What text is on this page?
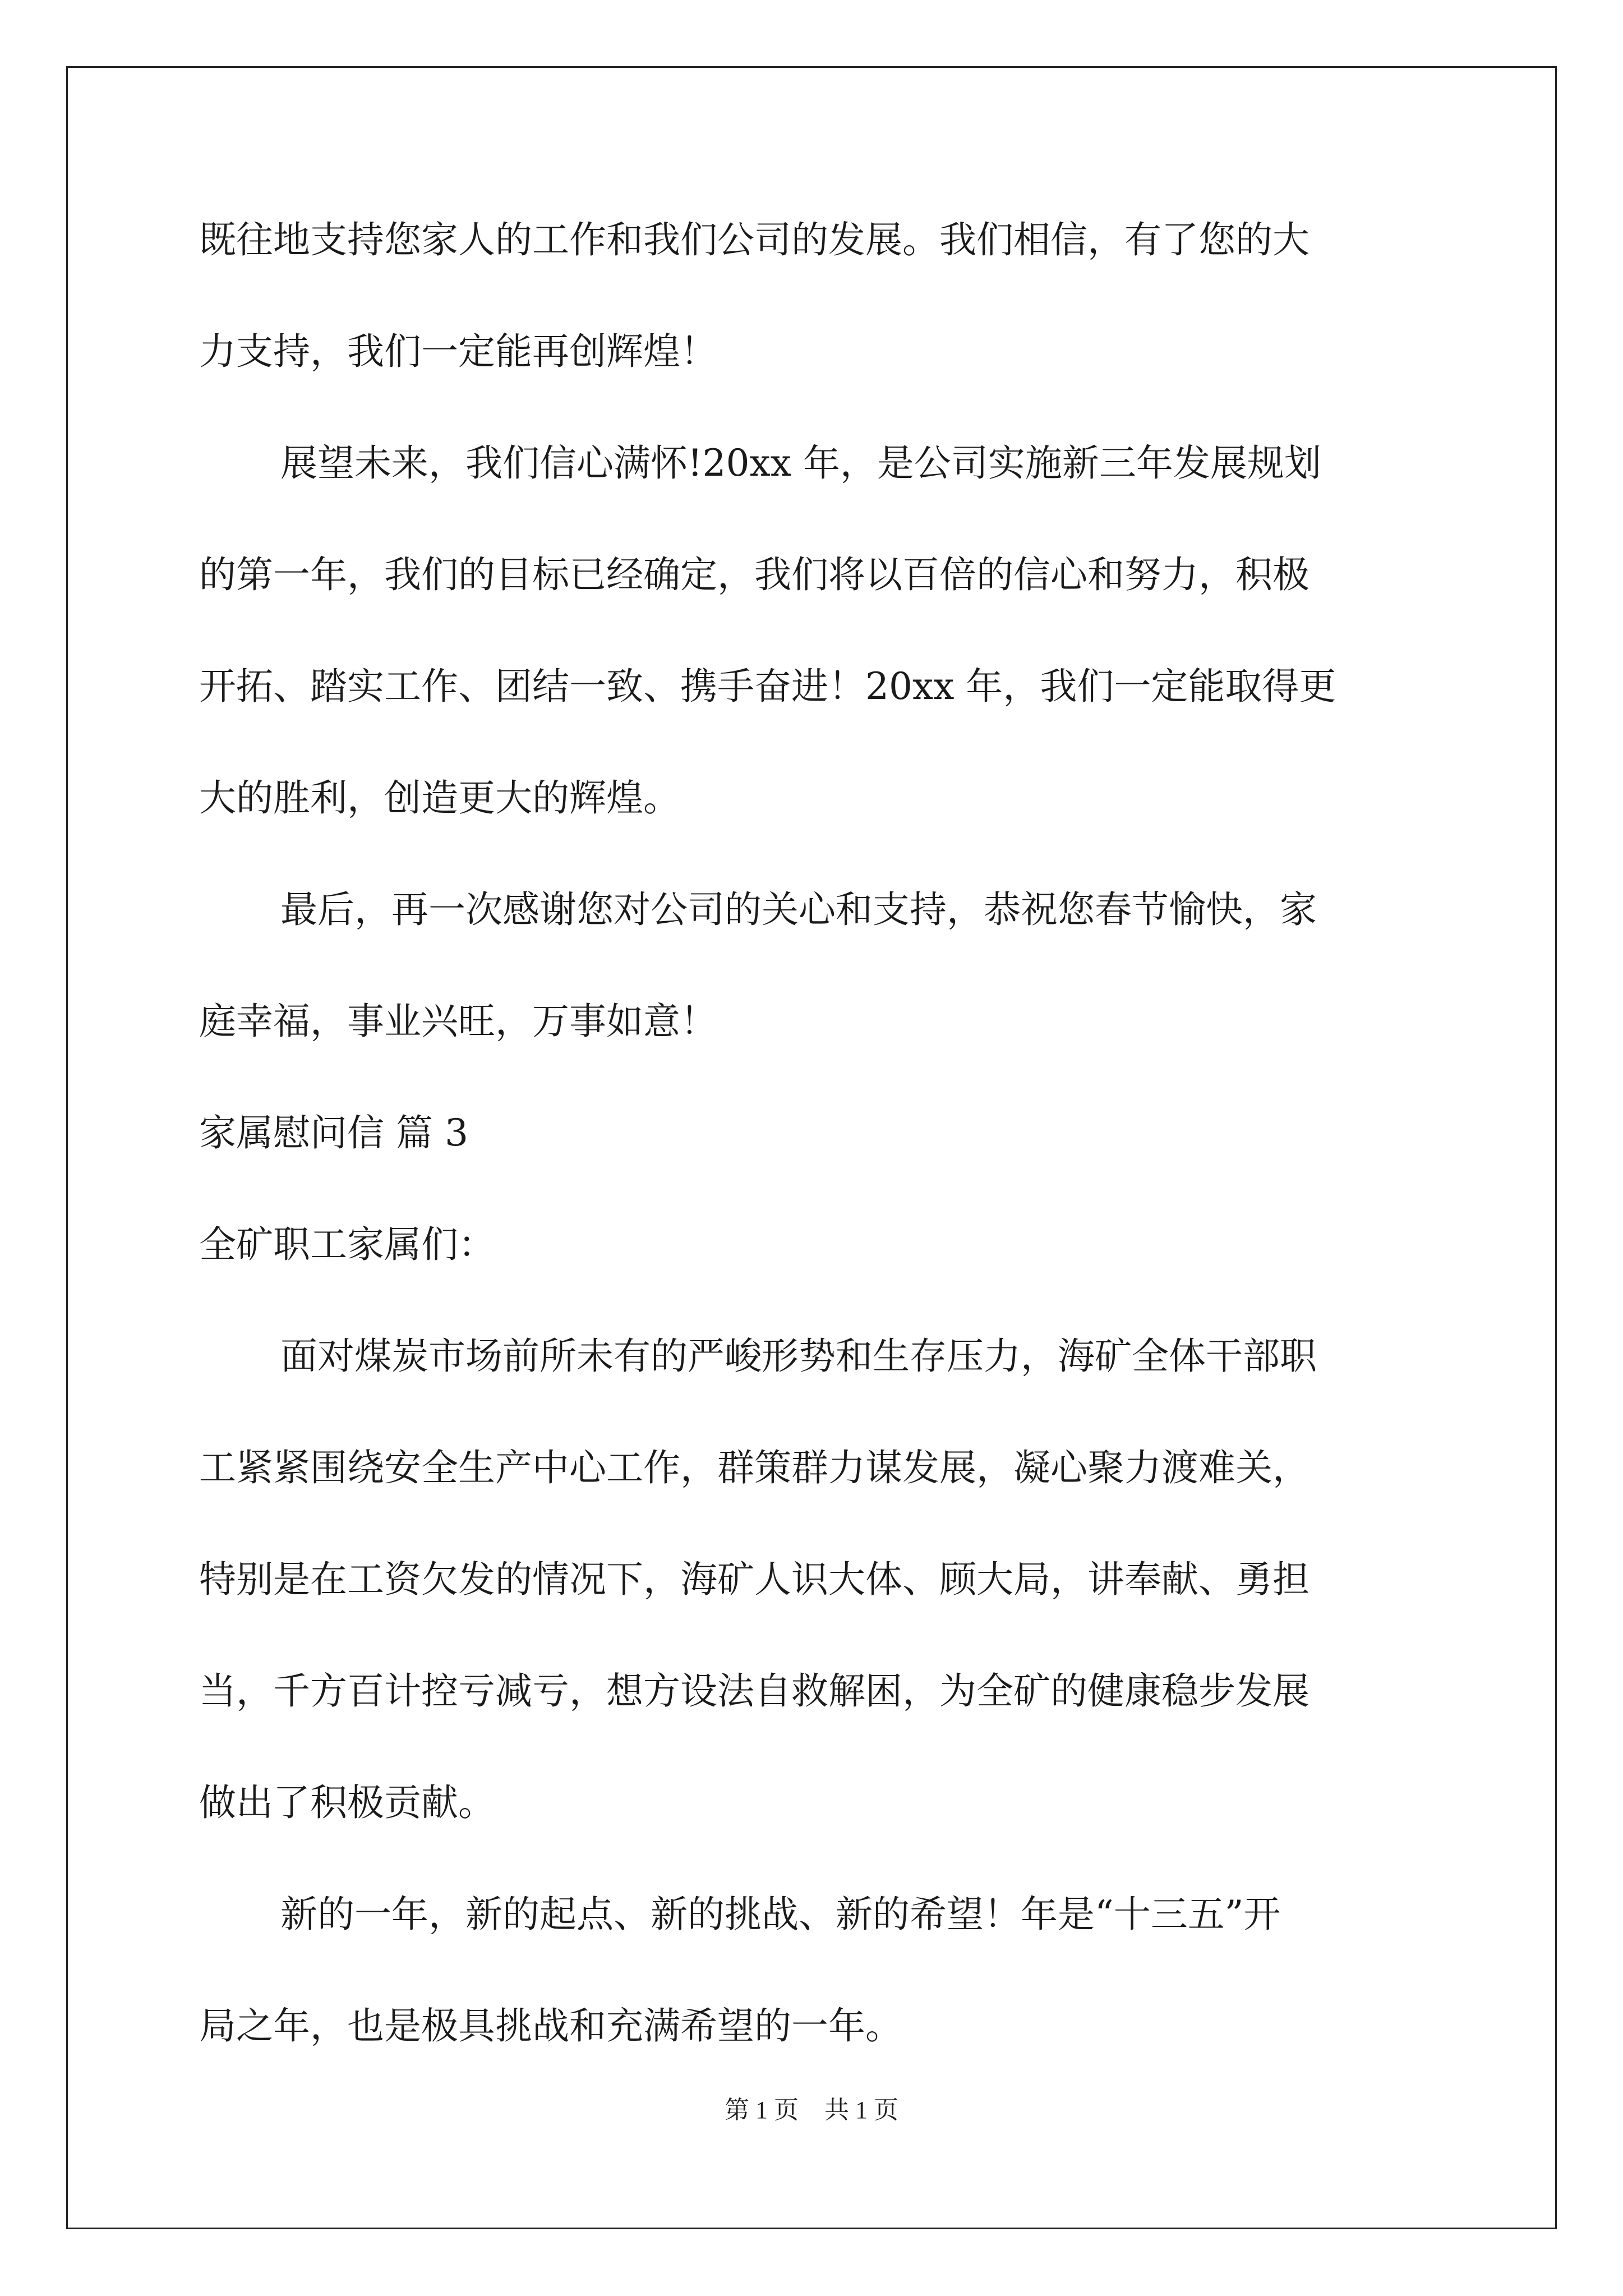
既往地支持您家人的工作和我们公司的发展。我们相信，有了您的大
力支持，我们一定能再创辉煌！
展望未来，我们信心满怀!20xx 年，是公司实施新三年发展规划
的第一年，我们的目标已经确定，我们将以百倍的信心和努力，积极
开拓、踏实工作、团结一致、携手奋进！20xx 年，我们一定能取得更
大的胜利，创造更大的辉煌。
最后，再一次感谢您对公司的关心和支持，恭祝您春节愉快，家
庭幸福，事业兴旺，万事如意！
家属慰问信 篇 3
全矿职工家属们：
面对煤炭市场前所未有的严峻形势和生存压力，海矿全体干部职
工紧紧围绕安全生产中心工作，群策群力谋发展，凝心聚力渡难关，
特别是在工资欠发的情况下，海矿人识大体、顾大局，讲奉献、勇担
当，千方百计控亏减亏，想方设法自救解困，为全矿的健康稳步发展
做出了积极贡献。
新的一年，新的起点、新的挑战、新的希望！年是“十三五”开
局之年，也是极具挑战和充满希望的一年。
第 1 页 共 1 页
